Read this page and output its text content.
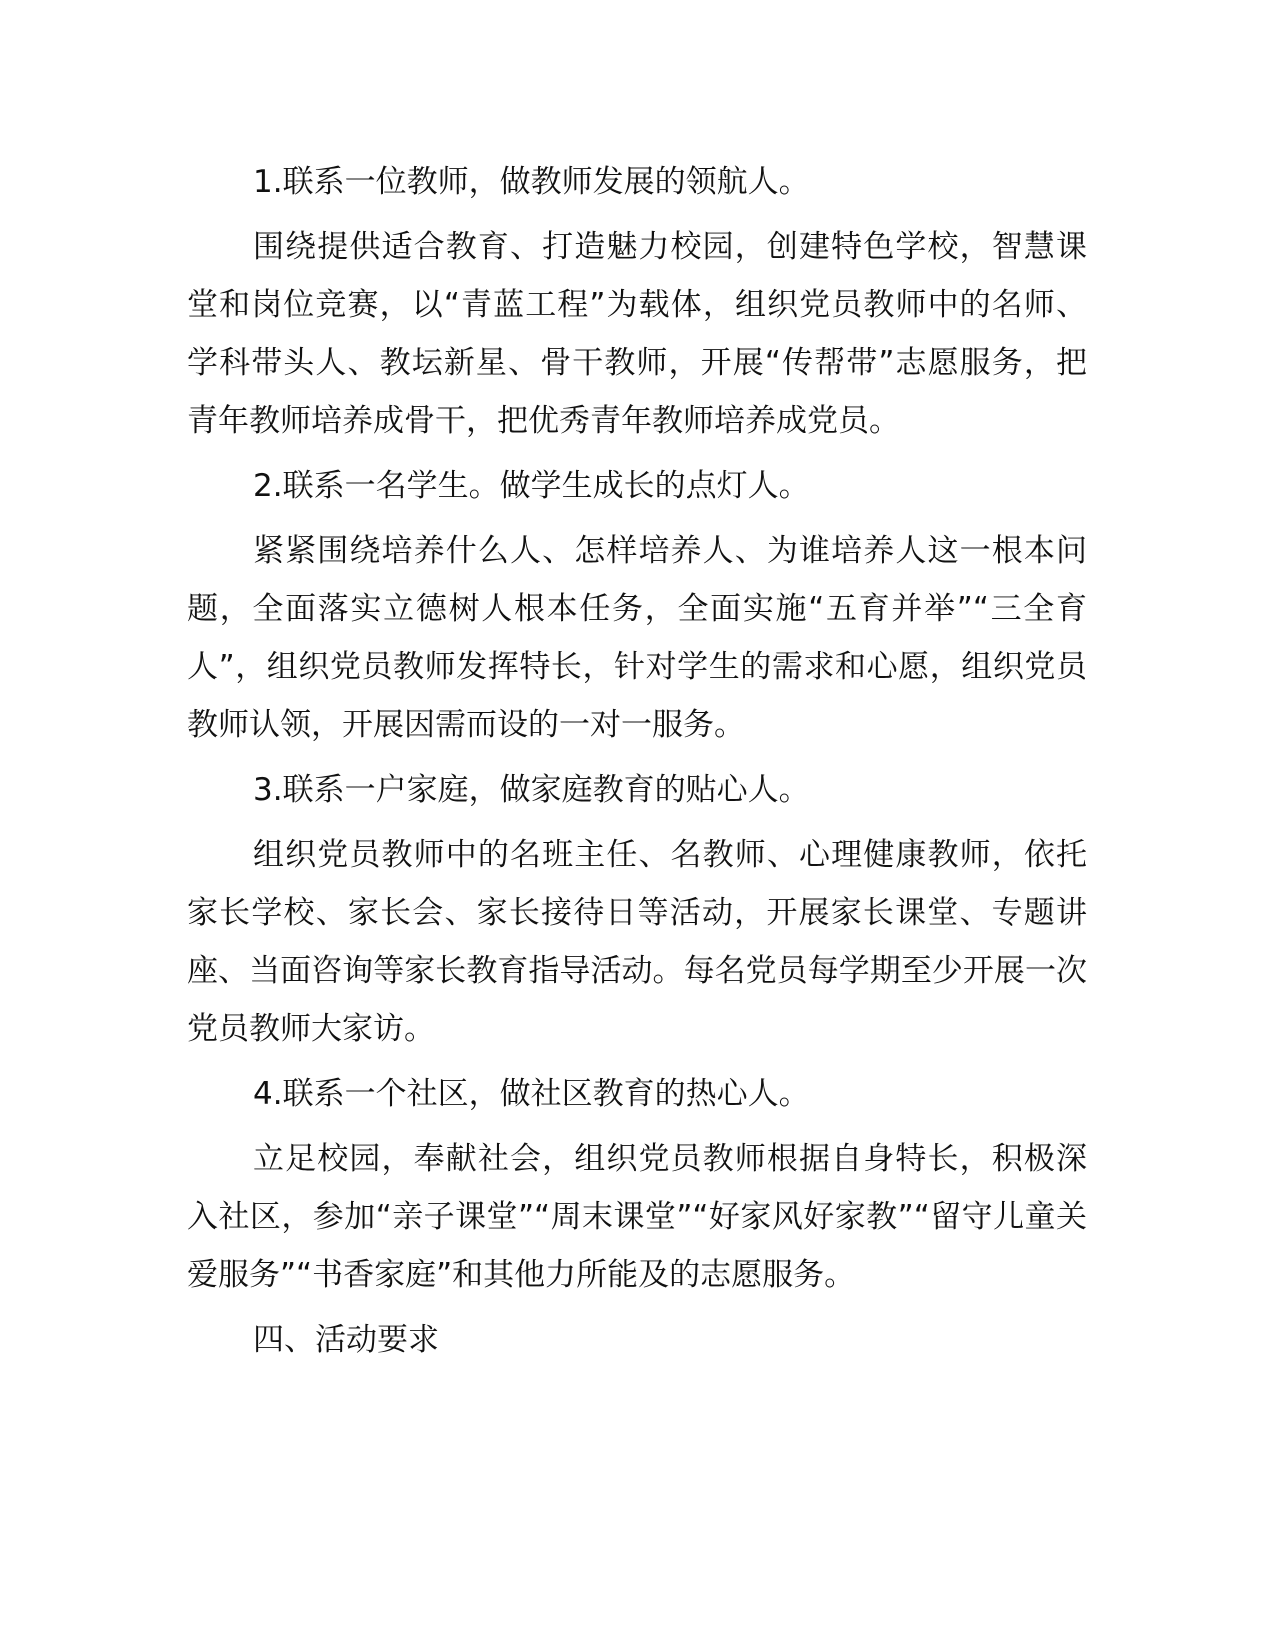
1.联系一位教师，做教师发展的领航人。

围绕提供适合教育、打造魅力校园，创建特色学校，智慧课堂和岗位竞赛，以“青蓝工程”为载体，组织党员教师中的名师、学科带头人、教坛新星、骨干教师，开展“传帮带”志愿服务，把青年教师培养成骨干，把优秀青年教师培养成党员。

2.联系一名学生。做学生成长的点灯人。

紧紧围绕培养什么人、怎样培养人、为谁培养人这一根本问题，全面落实立德树人根本任务，全面实施“五育并举”“三全育人”，组织党员教师发挥特长，针对学生的需求和心愿，组织党员教师认领，开展因需而设的一对一服务。

3.联系一户家庭，做家庭教育的贴心人。

组织党员教师中的名班主任、名教师、心理健康教师，依托家长学校、家长会、家长接待日等活动，开展家长课堂、专题讲座、当面咨询等家长教育指导活动。每名党员每学期至少开展一次党员教师大家访。

4.联系一个社区，做社区教育的热心人。

立足校园，奉献社会，组织党员教师根据自身特长，积极深入社区，参加“亲子课堂”“周末课堂”“好家风好家教”“留守儿童关爱服务”“书香家庭”和其他力所能及的志愿服务。

四、活动要求
